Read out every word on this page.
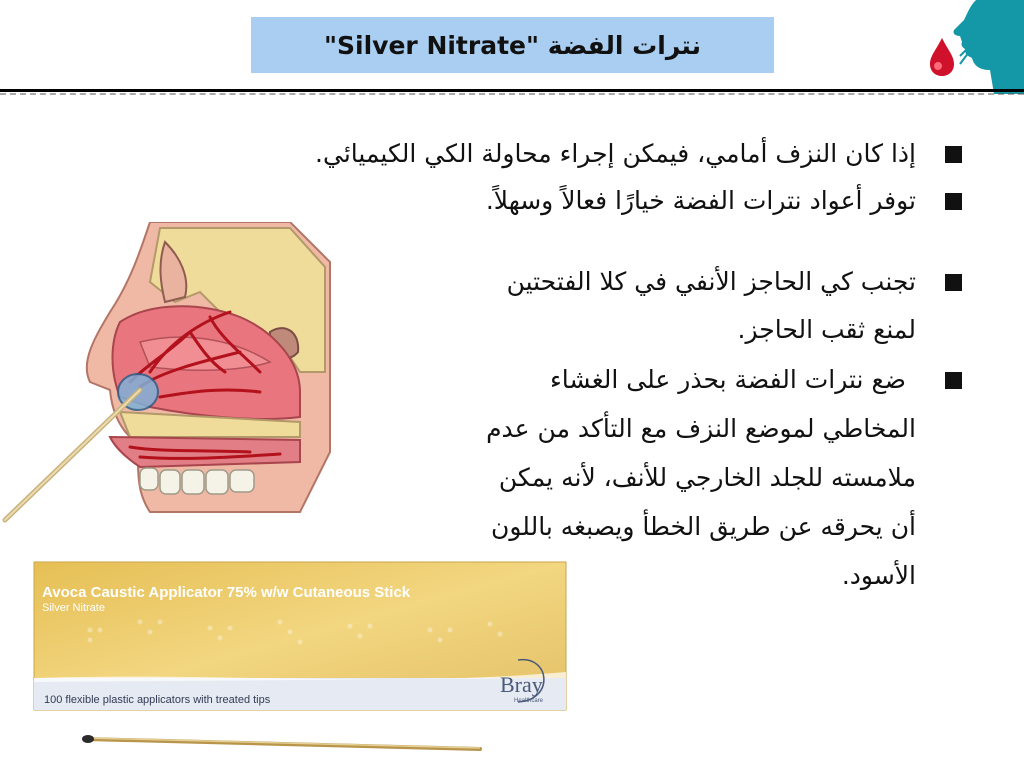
نترات الفضة "Silver Nitrate"
إذا كان النزف أمامي، فيمكن إجراء محاولة الكي الكيميائي.
توفر أعواد نترات الفضة خيارًا فعالاً وسهلاً.
تجنب كي الحاجز الأنفي في كلا الفتحتين
لمنع ثقب الحاجز.
ضع نترات الفضة بحذر على الغشاء
المخاطي لموضع النزف مع التأكد من عدم
ملامسته للجلد الخارجي للأنف، لأنه يمكن
أن يحرقه عن طريق الخطأ ويصبغه باللون
الأسود.
Avoca Caustic Applicator 75% w/w Cutaneous Stick
Silver Nitrate
100 flexible plastic applicators with treated tips
Bray
Healthcare
